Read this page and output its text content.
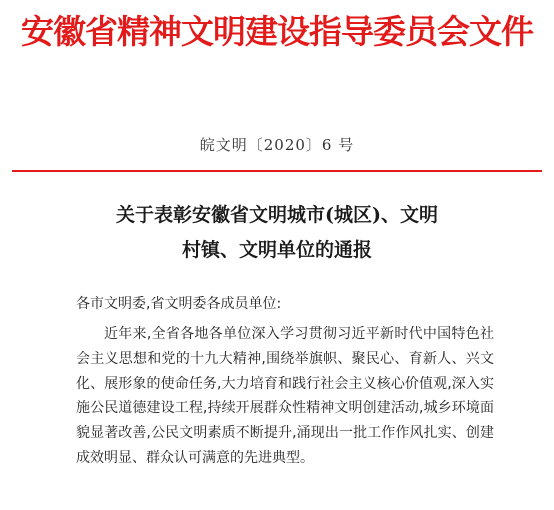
安徽省精神文明建设指导委员会文件
皖文明〔2020〕6 号
关于表彰安徽省文明城市(城区)、文明
村镇、文明单位的通报
各市文明委,省文明委各成员单位:
近年来,全省各地各单位深入学习贯彻习近平新时代中国特色社会主义思想和党的十九大精神,围绕举旗帜、聚民心、育新人、兴文化、展形象的使命任务,大力培育和践行社会主义核心价值观,深入实施公民道德建设工程,持续开展群众性精神文明创建活动,城乡环境面貌显著改善,公民文明素质不断提升,涌现出一批工作作风扎实、创建成效明显、群众认可满意的先进典型。
